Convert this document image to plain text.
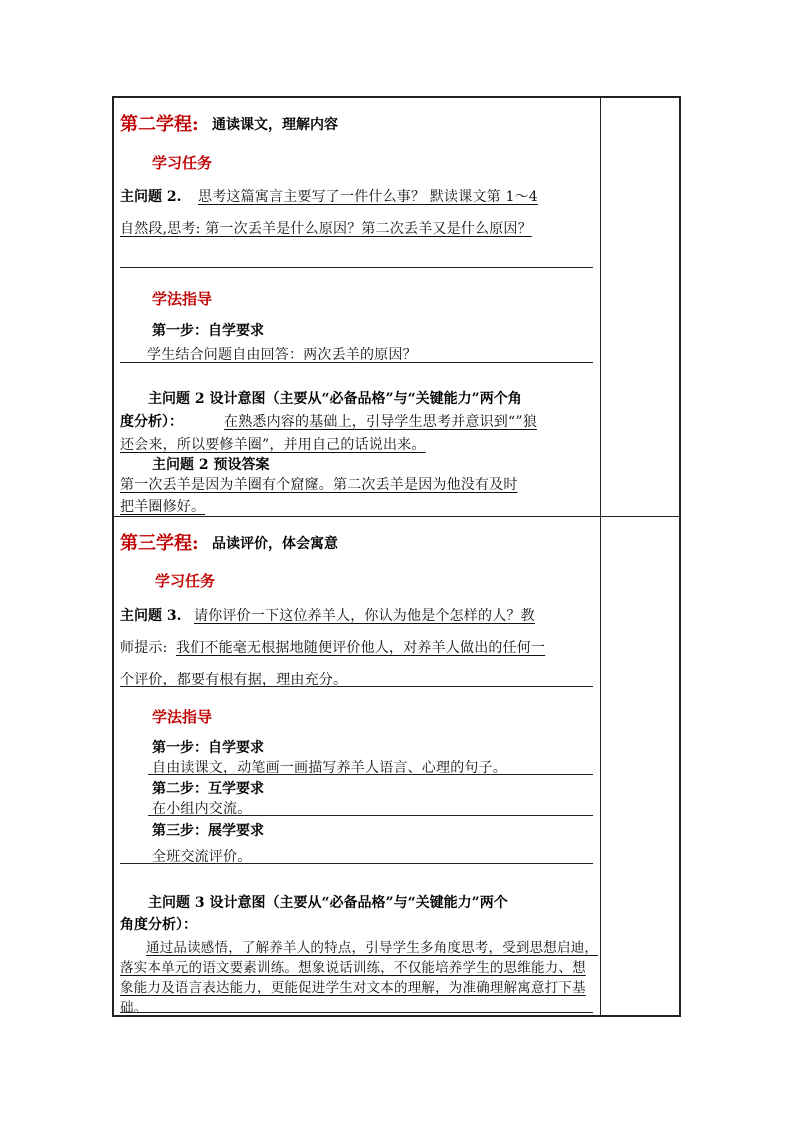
第二学程: 通读课文，理解内容
学习任务
主问题 2. 思考这篇寓言主要写了一件什么事？ 默读课文第 1～4
自然段,思考: 第一次丢羊是什么原因？第二次丢羊又是什么原因？
学法指导
第一步：自学要求
学生结合问题自由回答：两次丢羊的原因？
主问题 2 设计意图（主要从“必备品格”与“关键能力”两个角
度分析）：	在熟悉内容的基础上，引导学生思考并意识到“”狼
还会来，所以要修羊圈”，并用自己的话说出来。
主问题 2 预设答案
第一次丢羊是因为羊圈有个窟窿。第二次丢羊是因为他没有及时
把羊圈修好。
第三学程: 品读评价，体会寓意
学习任务
主问题 3. 请你评价一下这位养羊人，你认为他是个怎样的人？教
师提示: 我们不能毫无根据地随便评价他人，对养羊人做出的任何一
个评价，都要有根有据，理由充分。
学法指导
第一步：自学要求
自由读课文，动笔画一画描写养羊人语言、心理的句子。
第二步：互学要求
在小组内交流。
第三步：展学要求
全班交流评价。
主问题 3 设计意图（主要从“必备品格”与“关键能力”两个
角度分析）：
通过品读感悟，了解养羊人的特点，引导学生多角度思考，受到思想启迪，
落实本单元的语文要素训练。想象说话训练，不仅能培养学生的思维能力、想
象能力及语言表达能力，更能促进学生对文本的理解，为准确理解寓意打下基
础。
